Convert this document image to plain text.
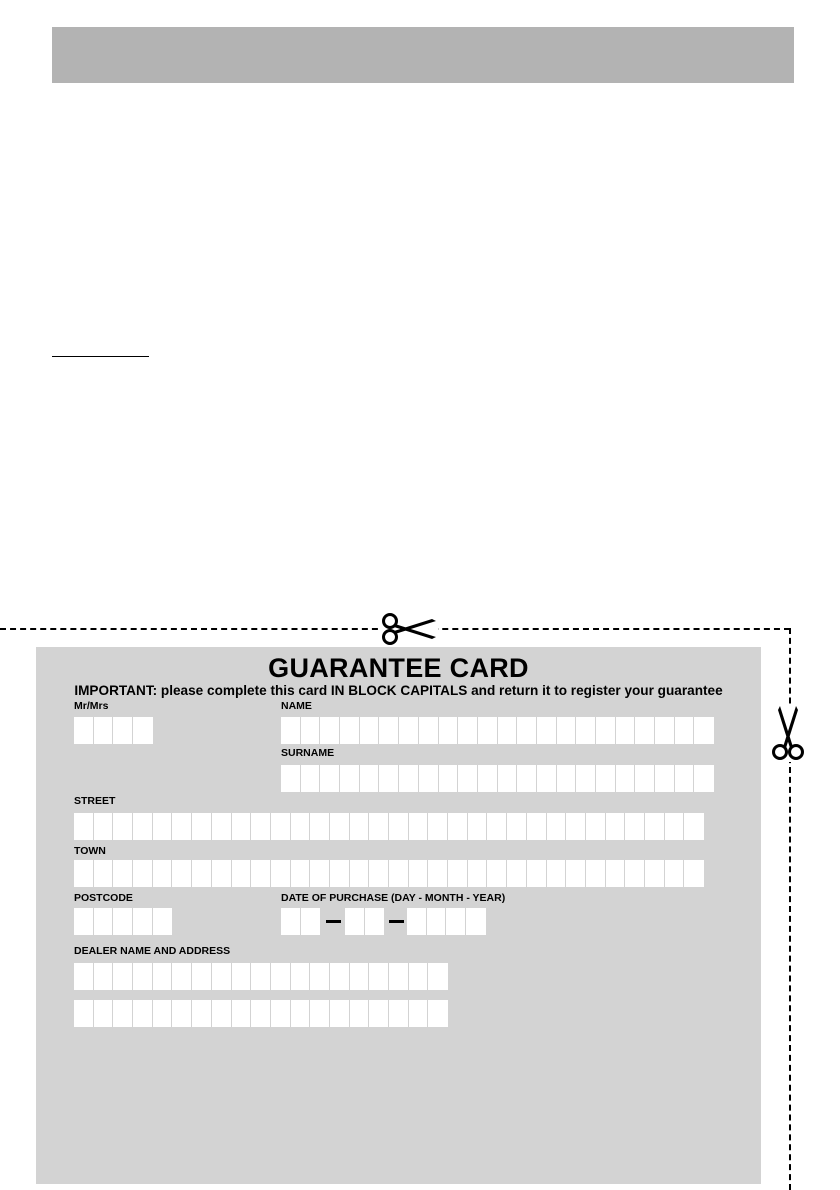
GUARANTEE CARD
IMPORTANT: please complete this card IN BLOCK CAPITALS and return it to register your guarantee
Mr/Mrs	NAME
SURNAME
STREET
TOWN
POSTCODE	DATE OF PURCHASE (DAY - MONTH - YEAR)
DEALER NAME AND ADDRESS
